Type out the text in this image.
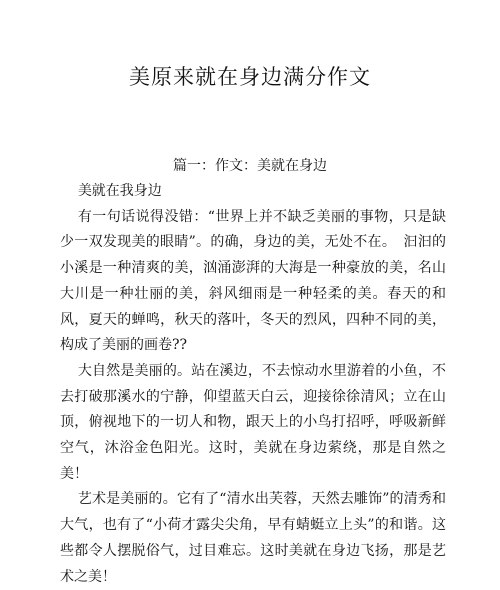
美原来就在身边满分作文
篇一：作文：美就在身边

美就在我身边

有一句话说得没错：“世界上并不缺乏美丽的事物，只是缺少一双发现美的眼睛”。的确，身边的美，无处不在。　汩汩的小溪是一种清爽的美，汹涌澎湃的大海是一种豪放的美，名山大川是一种壮丽的美，斜风细雨是一种轻柔的美。春天的和风，夏天的蝉鸣，秋天的落叶，冬天的烈风，四种不同的美，构成了美丽的画卷??

大自然是美丽的。站在溪边，不去惊动水里游着的小鱼，不去打破那溪水的宁静，仰望蓝天白云，迎接徐徐清风；立在山顶，俯视地下的一切人和物，跟天上的小鸟打招呼，呼吸新鲜空气，沐浴金色阳光。这时，美就在身边萦绕，那是自然之美！

艺术是美丽的。它有了“清水出芙蓉，天然去雕饰”的清秀和大气，也有了“小荷才露尖尖角，早有蜻蜓立上头”的和谐。这些都令人摆脱俗气，过目难忘。这时美就在身边飞扬，那是艺术之美！
